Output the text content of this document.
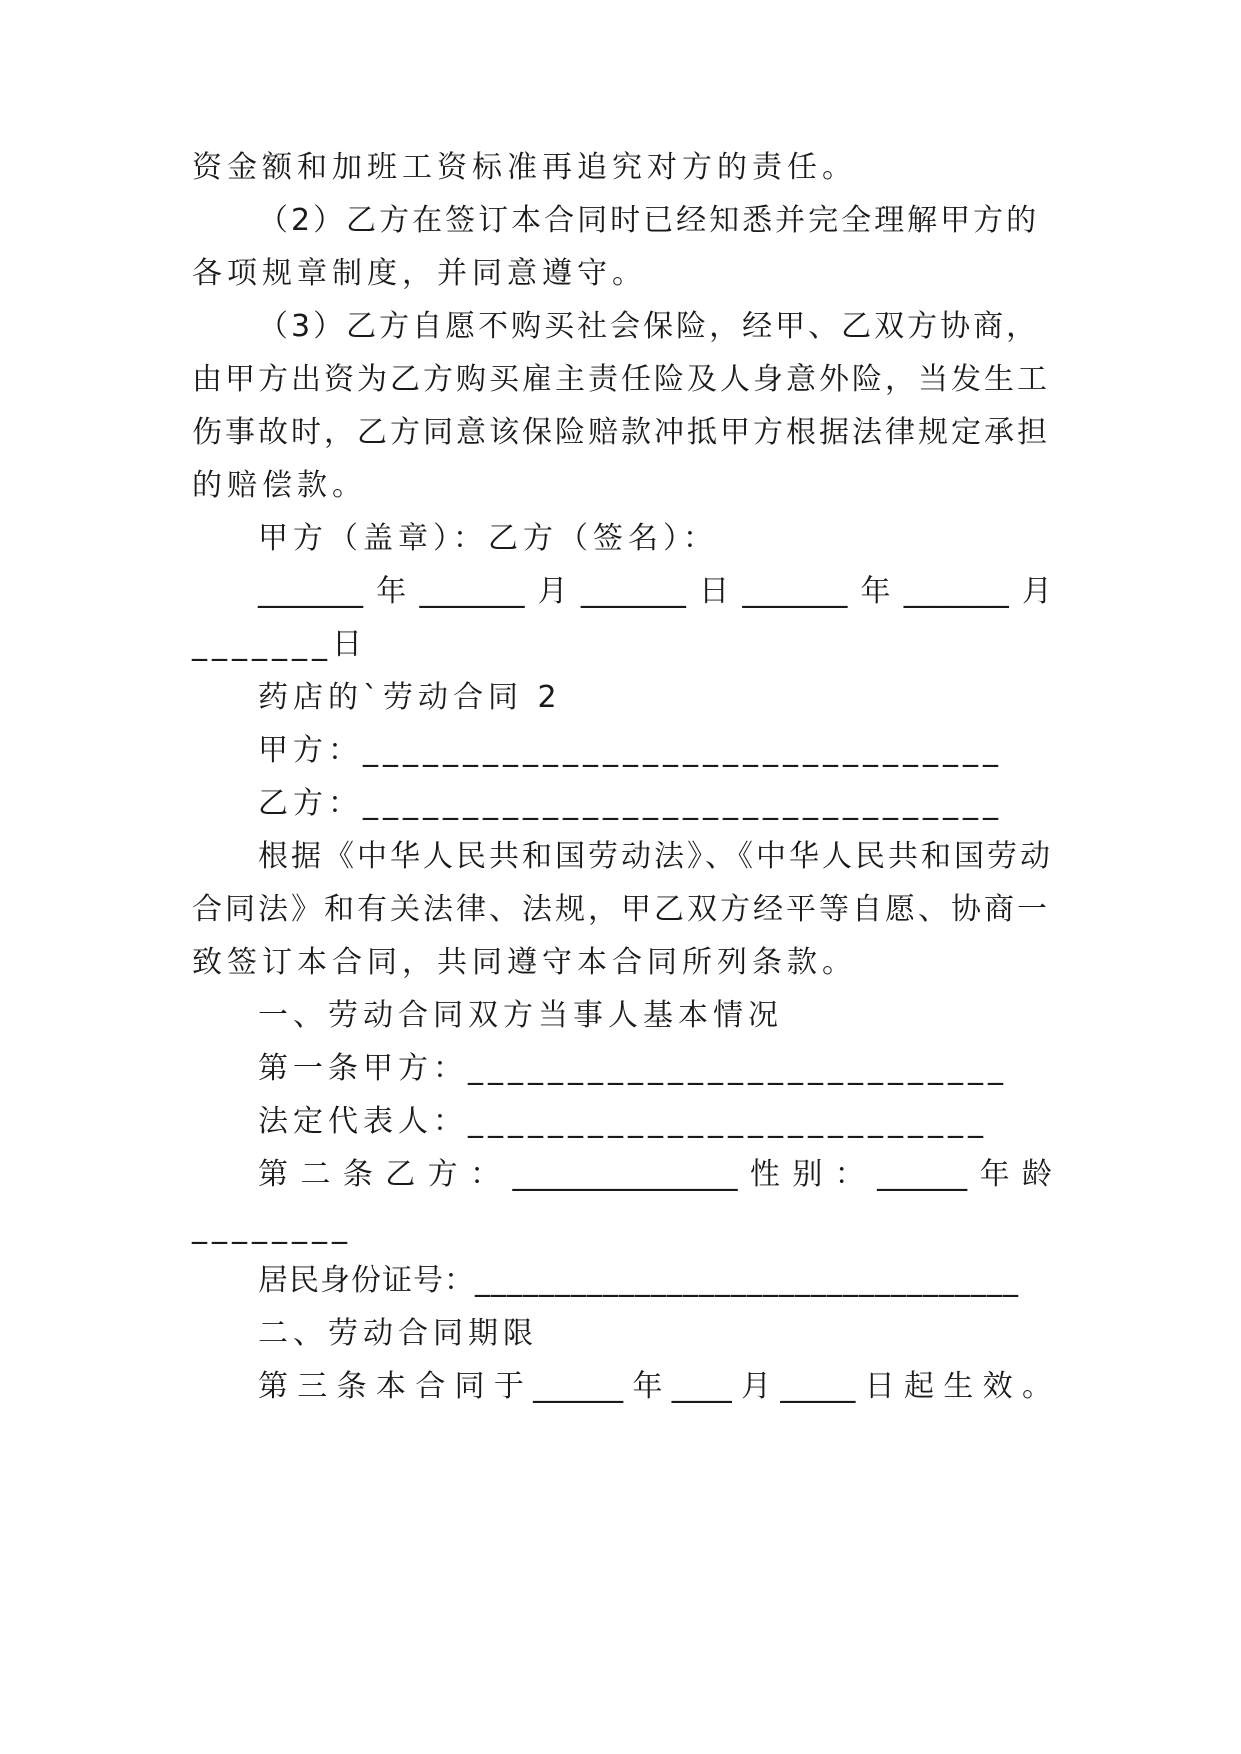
资金额和加班工资标准再追究对方的责任。
（2）乙方在签订本合同时已经知悉并完全理解甲方的
各项规章制度，并同意遵守。
（3）乙方自愿不购买社会保险，经甲、乙双方协商，
由甲方出资为乙方购买雇主责任险及人身意外险，当发生工
伤事故时，乙方同意该保险赔款冲抵甲方根据法律规定承担
的赔偿款。
甲方（盖章）：乙方（签名）：
_______年_______月_______日_______年_______月
_______日
药店的`劳动合同 2
甲方：________________________________
乙方：________________________________
根据《中华人民共和国劳动法》、《中华人民共和国劳动
合同法》和有关法律、法规，甲乙双方经平等自愿、协商一
致签订本合同，共同遵守本合同所列条款。
一、劳动合同双方当事人基本情况
第一条甲方：___________________________
法定代表人：__________________________
第二条乙方：_______________性别：______年龄
________
居民身份证号：__________________________________
二、劳动合同期限
第三条本合同于______年____月_____日起生效。
